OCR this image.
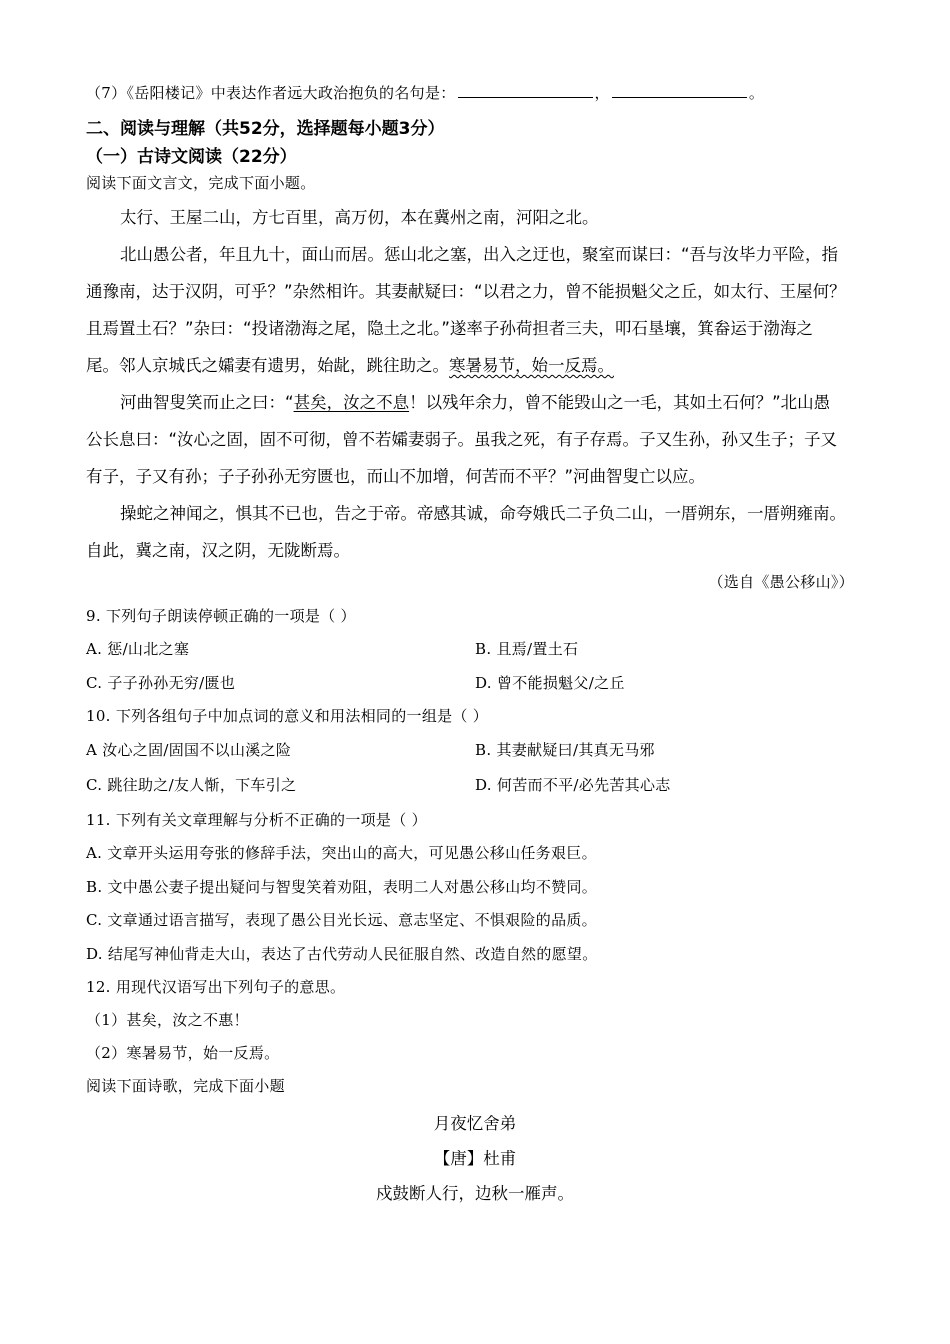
（7）《岳阳楼记》中表达作者远大政治抱负的名句是：	，	。
二、阅读与理解（共52分，选择题每小题3分）
（一）古诗文阅读（22分）
阅读下面文言文，完成下面小题。
太行、王屋二山，方七百里，高万仞，本在冀州之南，河阳之北。
北山愚公者，年且九十，面山而居。惩山北之塞，出入之迂也，聚室而谋曰：“吾与汝毕力平险，指
通豫南，达于汉阴，可乎？”杂然相许。其妻献疑曰：“以君之力，曾不能损魁父之丘，如太行、王屋何？
且焉置土石？”杂曰：“投诸渤海之尾，隐土之北。”遂率子孙荷担者三夫，叩石垦壤，箕畚运于渤海之
尾。邻人京城氏之孀妻有遗男，始龀，跳往助之。寒暑易节，始一反焉。
河曲智叟笑而止之曰：“甚矣，汝之不息！以残年余力，曾不能毁山之一毛，其如土石何？”北山愚
公长息曰：“汝心之固，固不可彻，曾不若孀妻弱子。虽我之死，有子存焉。子又生孙，孙又生子；子又
有子，子又有孙；子子孙孙无穷匮也，而山不加增，何苦而不平？”河曲智叟亡以应。
操蛇之神闻之，惧其不已也，告之于帝。帝感其诚，命夸娥氏二子负二山，一厝朔东，一厝朔雍南。
自此，冀之南，汉之阴，无陇断焉。
（选自《愚公移山》）
9. 下列句子朗读停顿正确的一项是（ ）
A. 惩/山北之塞	B. 且焉/置土石
C. 子子孙孙无穷/匮也	D. 曾不能损魁父/之丘
10. 下列各组句子中加点词的意义和用法相同的一组是（ ）
A 汝心之固/固国不以山溪之险	B. 其妻献疑曰/其真无马邪
C. 跳往助之/友人惭，下车引之	D. 何苦而不平/必先苦其心志
11. 下列有关文章理解与分析不正确的一项是（ ）
A. 文章开头运用夸张的修辞手法，突出山的高大，可见愚公移山任务艰巨。
B. 文中愚公妻子提出疑问与智叟笑着劝阻，表明二人对愚公移山均不赞同。
C. 文章通过语言描写，表现了愚公目光长远、意志坚定、不惧艰险的品质。
D. 结尾写神仙背走大山，表达了古代劳动人民征服自然、改造自然的愿望。
12. 用现代汉语写出下列句子的意思。
（1）甚矣，汝之不惠！
（2）寒暑易节，始一反焉。
阅读下面诗歌，完成下面小题
月夜忆舍弟
【唐】杜甫
戍鼓断人行，边秋一雁声。
